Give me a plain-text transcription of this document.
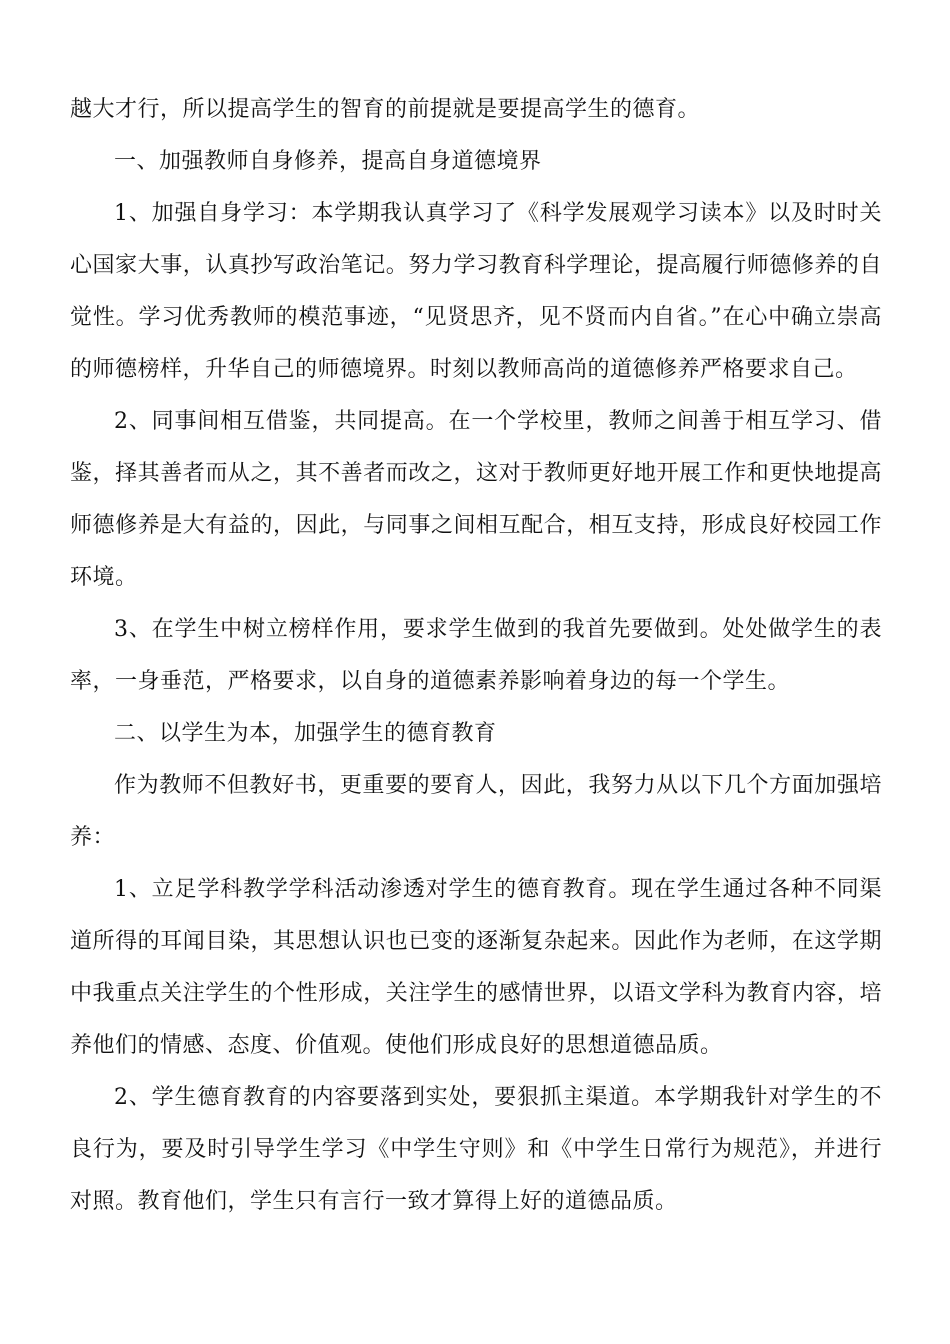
越大才行，所以提高学生的智育的前提就是要提高学生的德育。

一、加强教师自身修养，提高自身道德境界

1、加强自身学习：本学期我认真学习了《科学发展观学习读本》以及时时关心国家大事，认真抄写政治笔记。努力学习教育科学理论，提高履行师德修养的自觉性。学习优秀教师的模范事迹，“见贤思齐，见不贤而内自省。”在心中确立崇高的师德榜样，升华自己的师德境界。时刻以教师高尚的道德修养严格要求自己。

2、同事间相互借鉴，共同提高。在一个学校里，教师之间善于相互学习、借鉴，择其善者而从之，其不善者而改之，这对于教师更好地开展工作和更快地提高师德修养是大有益的，因此，与同事之间相互配合，相互支持，形成良好校园工作环境。

3、在学生中树立榜样作用，要求学生做到的我首先要做到。处处做学生的表率，一身垂范，严格要求，以自身的道德素养影响着身边的每一个学生。

二、以学生为本，加强学生的德育教育

作为教师不但教好书，更重要的要育人，因此，我努力从以下几个方面加强培养：

1、立足学科教学学科活动渗透对学生的德育教育。现在学生通过各种不同渠道所得的耳闻目染，其思想认识也已变的逐渐复杂起来。因此作为老师，在这学期中我重点关注学生的个性形成，关注学生的感情世界，以语文学科为教育内容，培养他们的情感、态度、价值观。使他们形成良好的思想道德品质。

2、学生德育教育的内容要落到实处，要狠抓主渠道。本学期我针对学生的不良行为，要及时引导学生学习《中学生守则》和《中学生日常行为规范》，并进行对照。教育他们，学生只有言行一致才算得上好的道德品质。
